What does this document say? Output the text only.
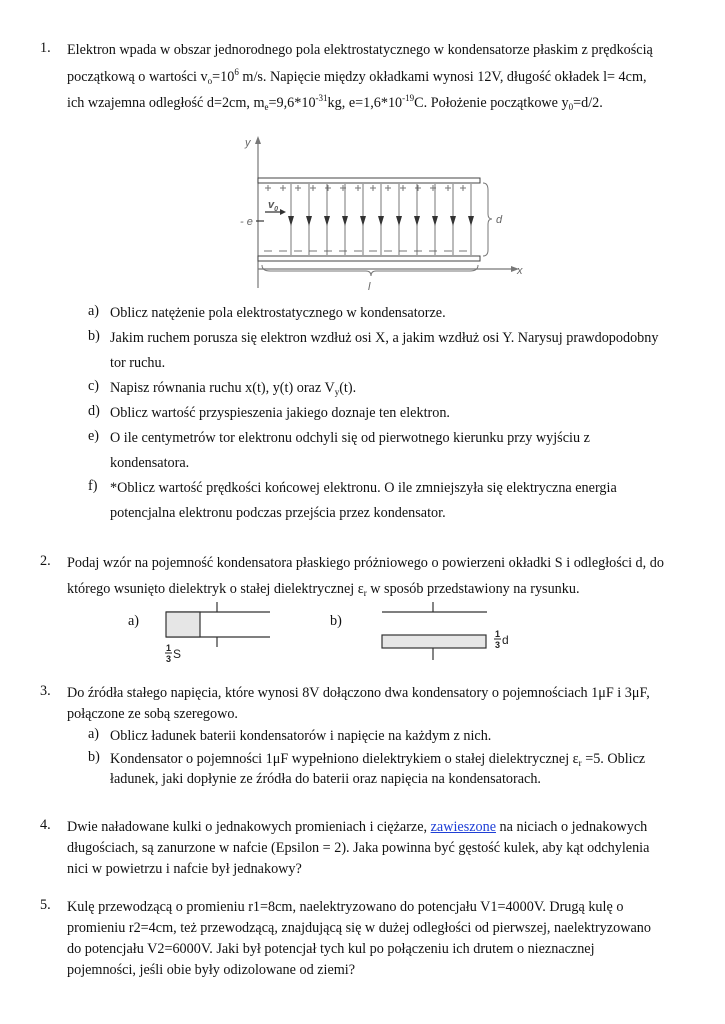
1. Elektron wpada w obszar jednorodnego pola elektrostatycznego w kondensatorze płaskim z prędkością
początkową o wartości $v_o=10^6$ m/s. Napięcie między okładkami wynosi 12V, długość okładek l= 4cm,
ich wzajemna odległość d=2cm, $m_e=9,6*10^{-31}kg$, $e=1,6*10^{-19}C$. Położenie początkowe $y_0=d/2$.
y
x
- e
$v_0$
d
l
a) Oblicz natężenie pola elektrostatycznego w kondensatorze.
b) Jakim ruchem porusza się elektron wzdłuż osi X, a jakim wzdłuż osi Y. Narysuj prawdopodobny
tor ruchu.
c) Napisz równania ruchu x(t), y(t) oraz $V_y(t)$.
d) Oblicz wartość przyspieszenia jakiego doznaje ten elektron.
e) O ile centymetrów tor elektronu odchyli się od pierwotnego kierunku przy wyjściu z
kondensatora.
f) *Oblicz wartość prędkości końcowej elektronu. O ile zmniejszyła się elektryczna energia
potencjalna elektronu podczas przejścia przez kondensator.
2. Podaj wzór na pojemność kondensatora płaskiego próżniowego o powierzeni okładki S i odległości d, do
którego wsunięto dielektryk o stałej dielektrycznej $\varepsilon_r$ w sposób przedstawiony na rysunku.
a)	b)
1
3 S
1
3 d
3. Do źródła stałego napięcia, które wynosi 8V dołączono dwa kondensatory o pojemnościach 1μF i 3μF,
połączone ze sobą szeregowo.
a) Oblicz ładunek baterii kondensatorów i napięcie na każdym z nich.
b) Kondensator o pojemności 1μF wypełniono dielektrykiem o stałej dielektrycznej $\varepsilon_r =5$. Oblicz
ładunek, jaki dopłynie ze źródła do baterii oraz napięcia na kondensatorach.
4. Dwie naładowane kulki o jednakowych promieniach i ciężarze, zawieszone na niciach o jednakowych
długościach, są zanurzone w nafcie (Epsilon = 2). Jaka powinna być gęstość kulek, aby kąt odchylenia
nici w powietrzu i nafcie był jednakowy?
5. Kulę przewodzącą o promieniu r1=8cm, naelektryzowano do potencjału V1=4000V. Drugą kulę o
promieniu r2=4cm, też przewodzącą, znajdującą się w dużej odległości od pierwszej, naelektryzowano
do potencjału V2=6000V. Jaki był potencjał tych kul po połączeniu ich drutem o nieznacznej
pojemności, jeśli obie były odizolowane od ziemi?
